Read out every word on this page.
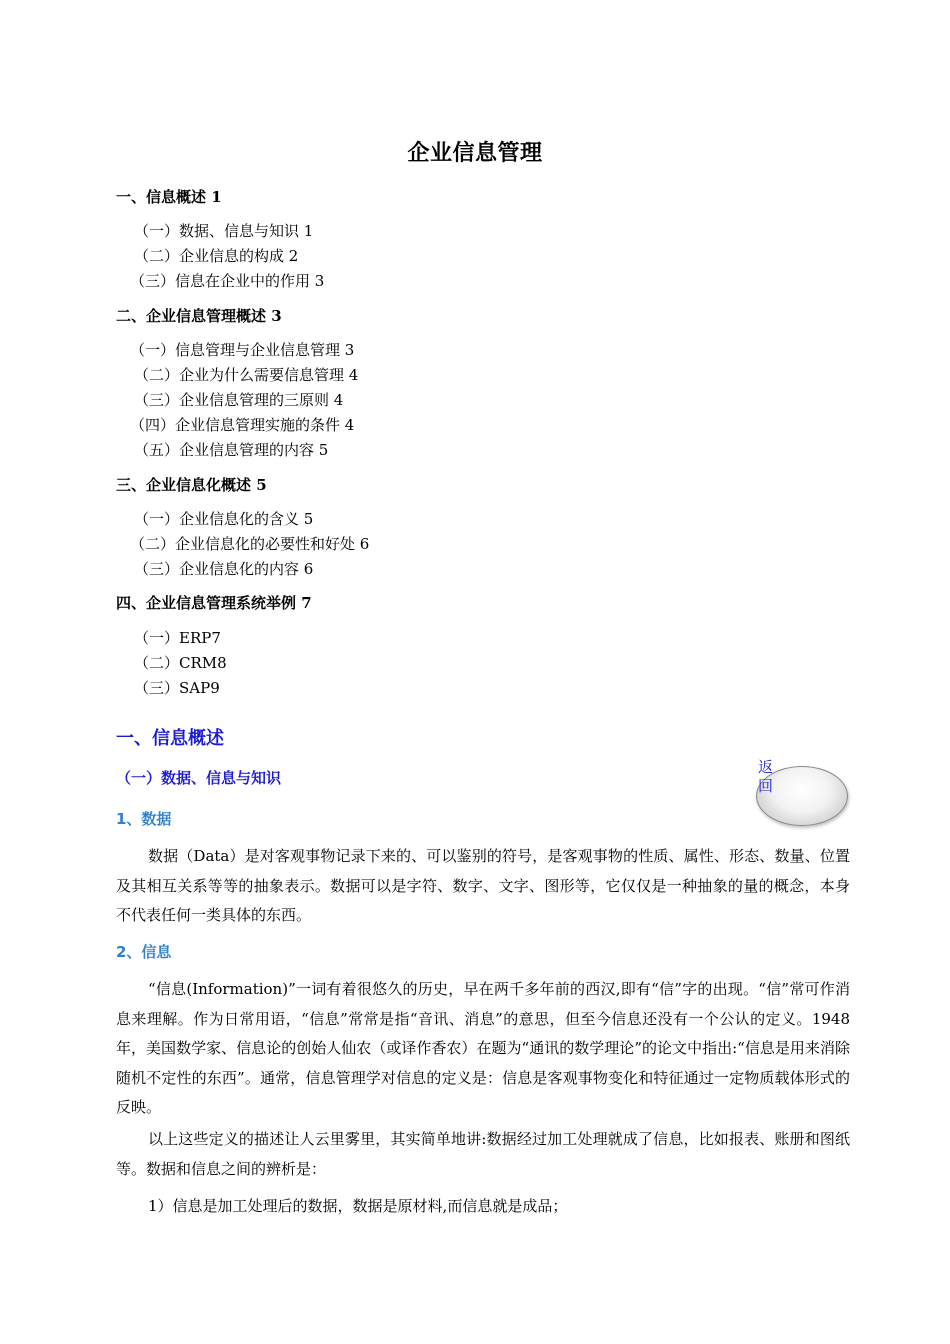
企业信息管理
一、信息概述 1
（一）数据、信息与知识 1
（二）企业信息的构成 2
（三）信息在企业中的作用 3
二、企业信息管理概述 3
（一）信息管理与企业信息管理 3
（二）企业为什么需要信息管理 4
（三）企业信息管理的三原则 4
（四）企业信息管理实施的条件 4
（五）企业信息管理的内容 5
三、企业信息化概述 5
（一）企业信息化的含义 5
（二）企业信息化的必要性和好处 6
（三）企业信息化的内容 6
四、企业信息管理系统举例 7
（一）ERP7
（二）CRM8
（三）SAP9
一、信息概述
（一）数据、信息与知识
返回
1、数据
数据（Data）是对客观事物记录下来的、可以鉴别的符号，是客观事物的性质、属性、形态、数量、位置及其相互关系等等的抽象表示。数据可以是字符、数字、文字、图形等，它仅仅是一种抽象的量的概念，本身不代表任何一类具体的东西。
2、信息
“信息(Information)”一词有着很悠久的历史，早在两千多年前的西汉,即有“信”字的出现。“信”常可作消息来理解。作为日常用语，“信息”常常是指“音讯、消息”的意思，但至今信息还没有一个公认的定义。1948年，美国数学家、信息论的创始人仙农（或译作香农）在题为“通讯的数学理论”的论文中指出:“信息是用来消除随机不定性的东西”。通常，信息管理学对信息的定义是：信息是客观事物变化和特征通过一定物质载体形式的反映。
以上这些定义的描述让人云里雾里，其实简单地讲:数据经过加工处理就成了信息，比如报表、账册和图纸等。数据和信息之间的辨析是：
1）信息是加工处理后的数据，数据是原材料,而信息就是成品；
